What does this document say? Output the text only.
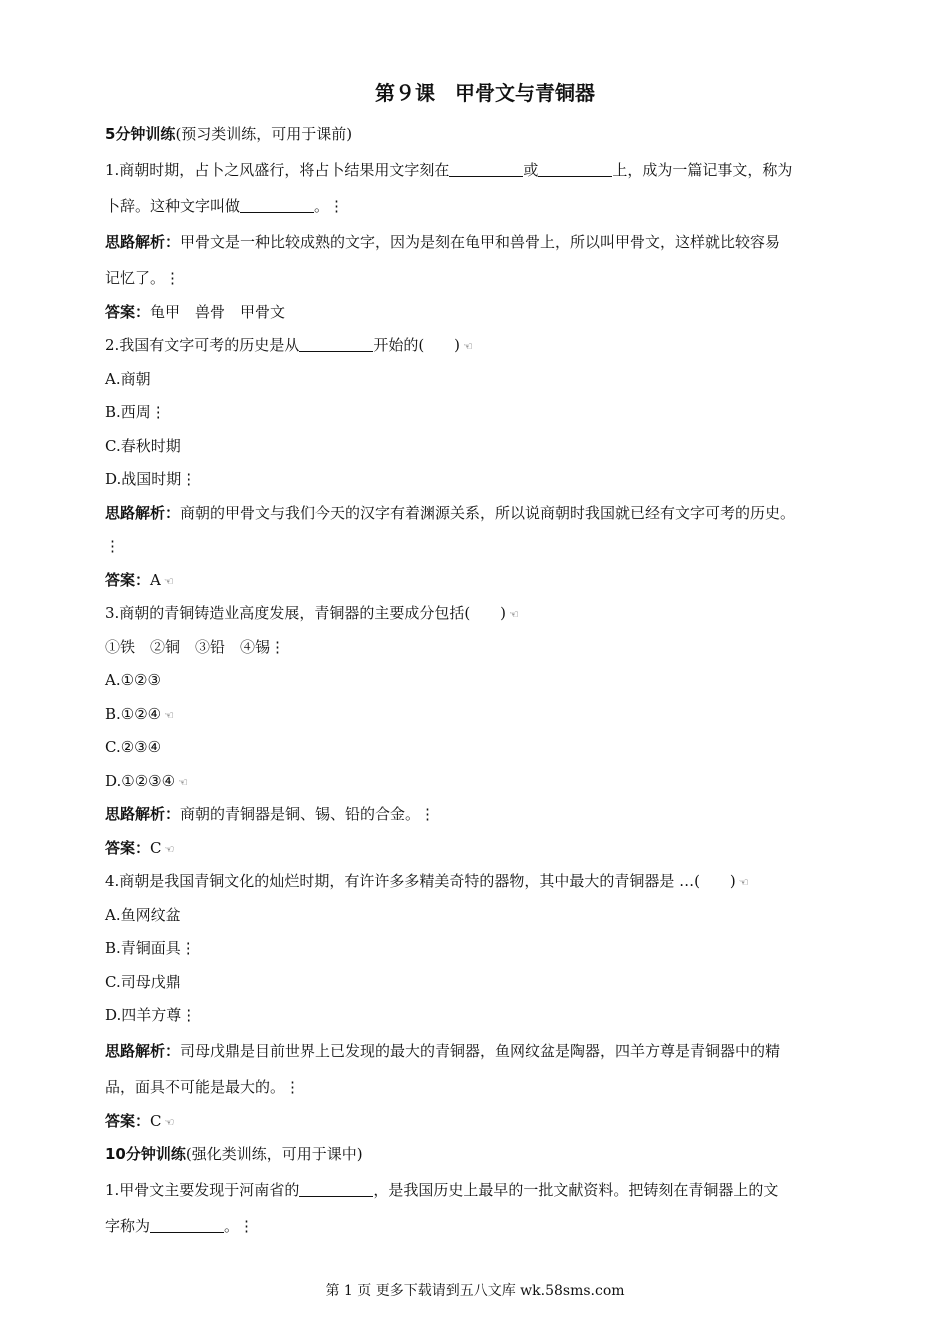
第９课　甲骨文与青铜器
5分钟训练(预习类训练，可用于课前)
1.商朝时期，占卜之风盛行，将占卜结果用文字刻在	或	上，成为一篇记事文，称为
卜辞。这种文字叫做	。⋮
思路解析：甲骨文是一种比较成熟的文字，因为是刻在龟甲和兽骨上，所以叫甲骨文，这样就比较容易
记忆了。⋮
答案：龟甲　兽骨　甲骨文
2.我国有文字可考的历史是从	开始的(　　) ☜
A.商朝
B.西周⋮
C.春秋时期
D.战国时期⋮
思路解析：商朝的甲骨文与我们今天的汉字有着渊源关系，所以说商朝时我国就已经有文字可考的历史。
⋮
答案：A ☜
3.商朝的青铜铸造业高度发展，青铜器的主要成分包括(　　) ☜
①铁　②铜　③铅　④锡⋮
A.①②③
B.①②④ ☜
C.②③④
D.①②③④ ☜
思路解析：商朝的青铜器是铜、锡、铅的合金。⋮
答案：C ☜
4.商朝是我国青铜文化的灿烂时期，有许许多多精美奇特的器物，其中最大的青铜器是 …(　　) ☜
A.鱼网纹盆
B.青铜面具⋮
C.司母戊鼎
D.四羊方尊⋮
思路解析：司母戊鼎是目前世界上已发现的最大的青铜器，鱼网纹盆是陶器，四羊方尊是青铜器中的精
品，面具不可能是最大的。⋮
答案：C ☜
10分钟训练(强化类训练，可用于课中)
1.甲骨文主要发现于河南省的	，是我国历史上最早的一批文献资料。把铸刻在青铜器上的文
字称为	。⋮
第 1 页 更多下载请到五八文库 wk.58sms.com
